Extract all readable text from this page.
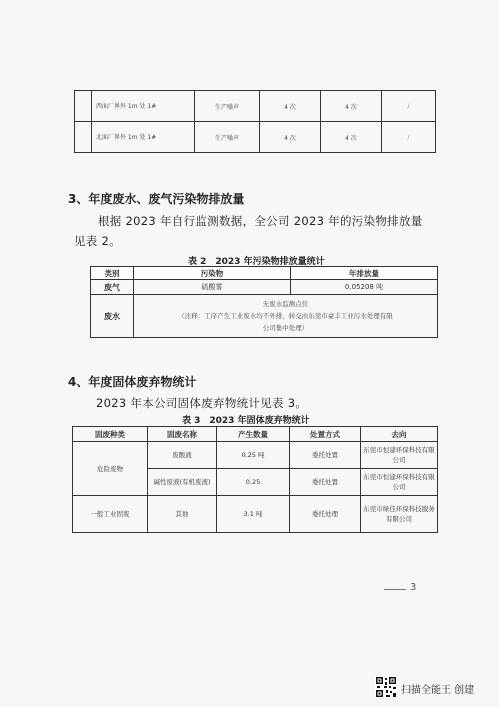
	西面厂界外 1m 处 1#	生产噪声	4 次	4 次	/
	北面厂界外 1m 处 1#	生产噪声	4 次	4 次	/
3、年度废水、废气污染物排放量
根据 2023 年自行监测数据，全公司 2023 年的污染物排放量见表 2。
表 2　2023 年污染物排放量统计
类别	污染物	年排放量
废气	硫酸雾	0.05208 吨
废水	无废水监测点位
（注释：工序产生工业废水均不外排，转交由东莞市豪丰工业污水处理有限
公司集中处理）	
4、年度固体废弃物统计
2023 年本公司固体废弃物统计见表 3。
表 3　2023 年固体废弃物统计
固废种类	固废名称	产生数量	处置方式	去向
危险废物	废酸液	0.25 吨	委托处置	东莞市恒建环保科技有限公司
	碱性废液(有机废液)	0.25	委托处置	东莞市恒建环保科技有限公司
一般工业固废	其他	3.1 吨	委托处理	东莞市绿佳环保科技服务有限公司
3
扫描全能王 创建
